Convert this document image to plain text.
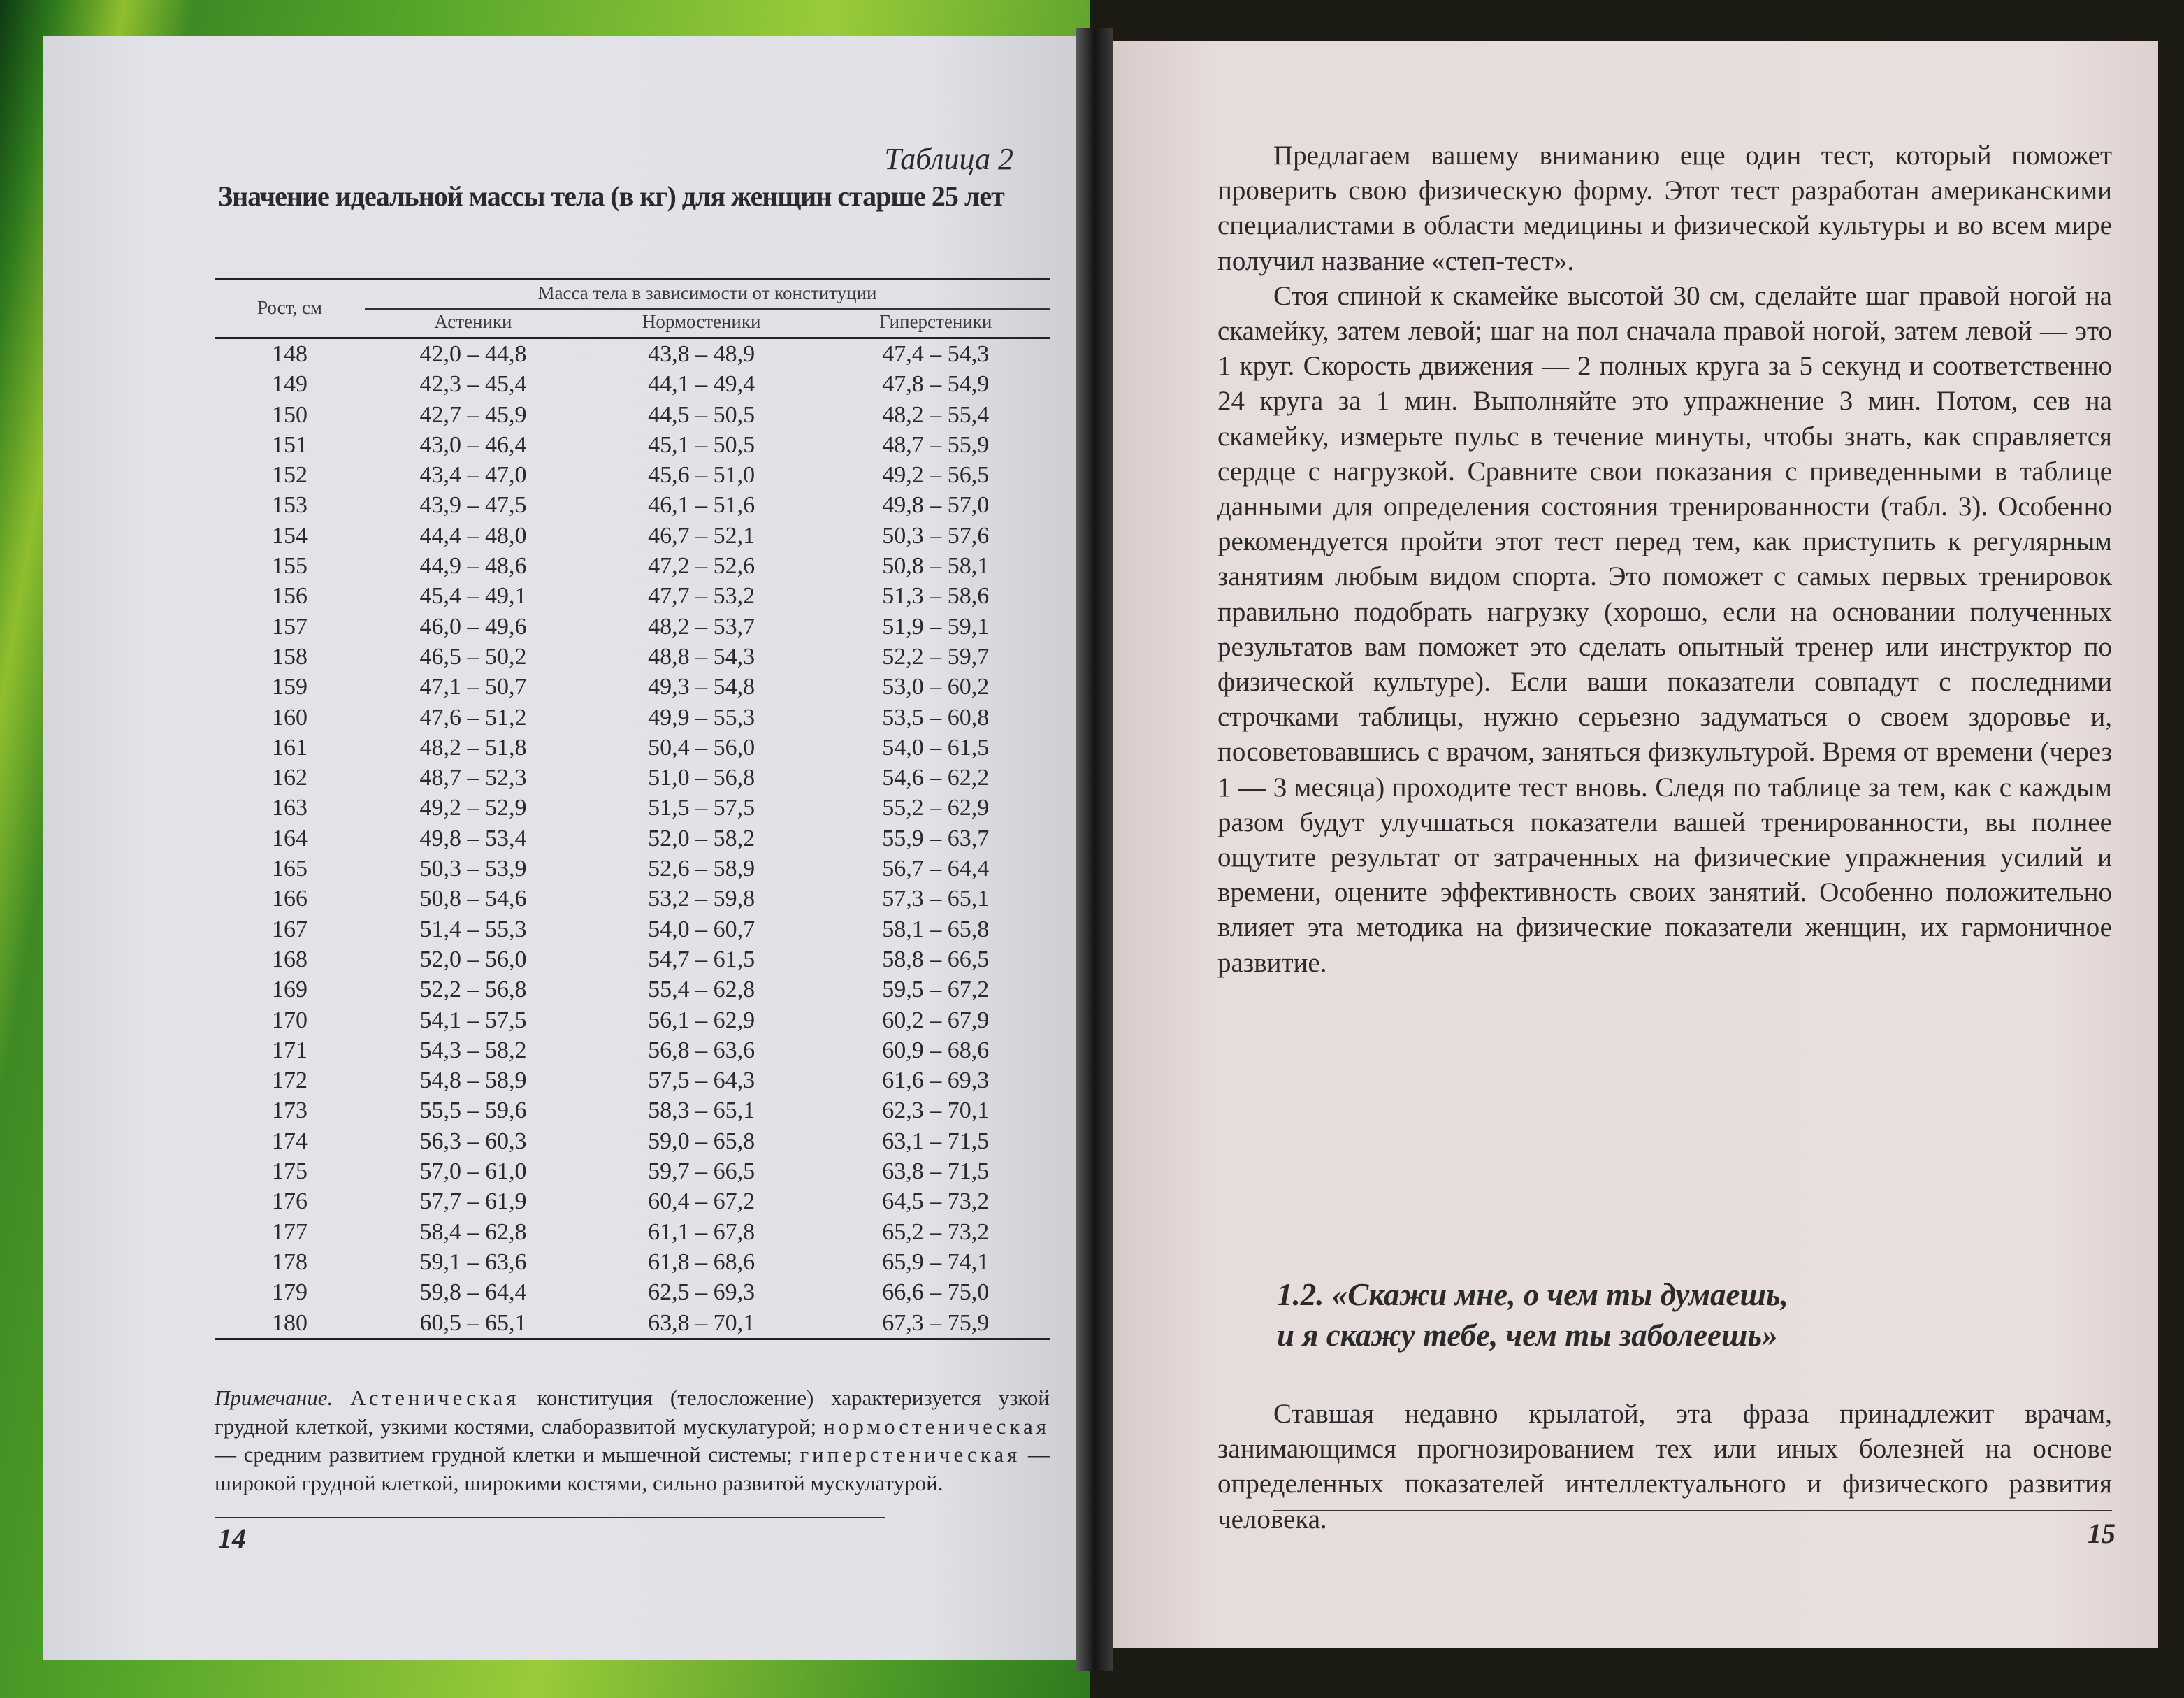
Таблица 2
Значение идеальной массы тела (в кг) для женщин старше 25 лет
Рост, см	Масса тела в зависимости от конституции		
	Астеники	Нормостеники	Гиперстеники
148	42,0 – 44,8	43,8 – 48,9	47,4 – 54,3
149	42,3 – 45,4	44,1 – 49,4	47,8 – 54,9
150	42,7 – 45,9	44,5 – 50,5	48,2 – 55,4
151	43,0 – 46,4	45,1 – 50,5	48,7 – 55,9
152	43,4 – 47,0	45,6 – 51,0	49,2 – 56,5
153	43,9 – 47,5	46,1 – 51,6	49,8 – 57,0
154	44,4 – 48,0	46,7 – 52,1	50,3 – 57,6
155	44,9 – 48,6	47,2 – 52,6	50,8 – 58,1
156	45,4 – 49,1	47,7 – 53,2	51,3 – 58,6
157	46,0 – 49,6	48,2 – 53,7	51,9 – 59,1
158	46,5 – 50,2	48,8 – 54,3	52,2 – 59,7
159	47,1 – 50,7	49,3 – 54,8	53,0 – 60,2
160	47,6 – 51,2	49,9 – 55,3	53,5 – 60,8
161	48,2 – 51,8	50,4 – 56,0	54,0 – 61,5
162	48,7 – 52,3	51,0 – 56,8	54,6 – 62,2
163	49,2 – 52,9	51,5 – 57,5	55,2 – 62,9
164	49,8 – 53,4	52,0 – 58,2	55,9 – 63,7
165	50,3 – 53,9	52,6 – 58,9	56,7 – 64,4
166	50,8 – 54,6	53,2 – 59,8	57,3 – 65,1
167	51,4 – 55,3	54,0 – 60,7	58,1 – 65,8
168	52,0 – 56,0	54,7 – 61,5	58,8 – 66,5
169	52,2 – 56,8	55,4 – 62,8	59,5 – 67,2
170	54,1 – 57,5	56,1 – 62,9	60,2 – 67,9
171	54,3 – 58,2	56,8 – 63,6	60,9 – 68,6
172	54,8 – 58,9	57,5 – 64,3	61,6 – 69,3
173	55,5 – 59,6	58,3 – 65,1	62,3 – 70,1
174	56,3 – 60,3	59,0 – 65,8	63,1 – 71,5
175	57,0 – 61,0	59,7 – 66,5	63,8 – 71,5
176	57,7 – 61,9	60,4 – 67,2	64,5 – 73,2
177	58,4 – 62,8	61,1 – 67,8	65,2 – 73,2
178	59,1 – 63,6	61,8 – 68,6	65,9 – 74,1
179	59,8 – 64,4	62,5 – 69,3	66,6 – 75,0
180	60,5 – 65,1	63,8 – 70,1	67,3 – 75,9
Примечание. Астеническая конституция (телосложение) характеризуется узкой грудной клеткой, узкими костями, слаборазвитой мускулатурой; нормостеническая — средним развитием грудной клетки и мышечной системы; гиперстеническая — широкой грудной клеткой, широкими костями, сильно развитой мускулатурой.
14

Предлагаем вашему вниманию еще один тест, который поможет проверить свою физическую форму. Этот тест разработан американскими специалистами в области медицины и физической культуры и во всем мире получил название «степ-тест».

Стоя спиной к скамейке высотой 30 см, сделайте шаг правой ногой на скамейку, затем левой; шаг на пол сначала правой ногой, затем левой — это 1 круг. Скорость движения — 2 полных круга за 5 секунд и соответственно 24 круга за 1 мин. Выполняйте это упражнение 3 мин. Потом, сев на скамейку, измерьте пульс в течение минуты, чтобы знать, как справляется сердце с нагрузкой. Сравните свои показания с приведенными в таблице данными для определения состояния тренированности (табл. 3). Особенно рекомендуется пройти этот тест перед тем, как приступить к регулярным занятиям любым видом спорта. Это поможет с самых первых тренировок правильно подобрать нагрузку (хорошо, если на основании полученных результатов вам поможет это сделать опытный тренер или инструктор по физической культуре). Если ваши показатели совпадут с последними строчками таблицы, нужно серьезно задуматься о своем здоровье и, посоветовавшись с врачом, заняться физкультурой. Время от времени (через 1 — 3 месяца) проходите тест вновь. Следя по таблице за тем, как с каждым разом будут улучшаться показатели вашей тренированности, вы полнее ощутите результат от затраченных на физические упражнения усилий и времени, оцените эффективность своих занятий. Особенно положительно влияет эта методика на физические показатели женщин, их гармоничное развитие.

1.2. «Скажи мне, о чем ты думаешь,
и я скажу тебе, чем ты заболеешь»

Ставшая недавно крылатой, эта фраза принадлежит врачам, занимающимся прогнозированием тех или иных болезней на основе определенных показателей интеллектуального и физического развития человека.	15
